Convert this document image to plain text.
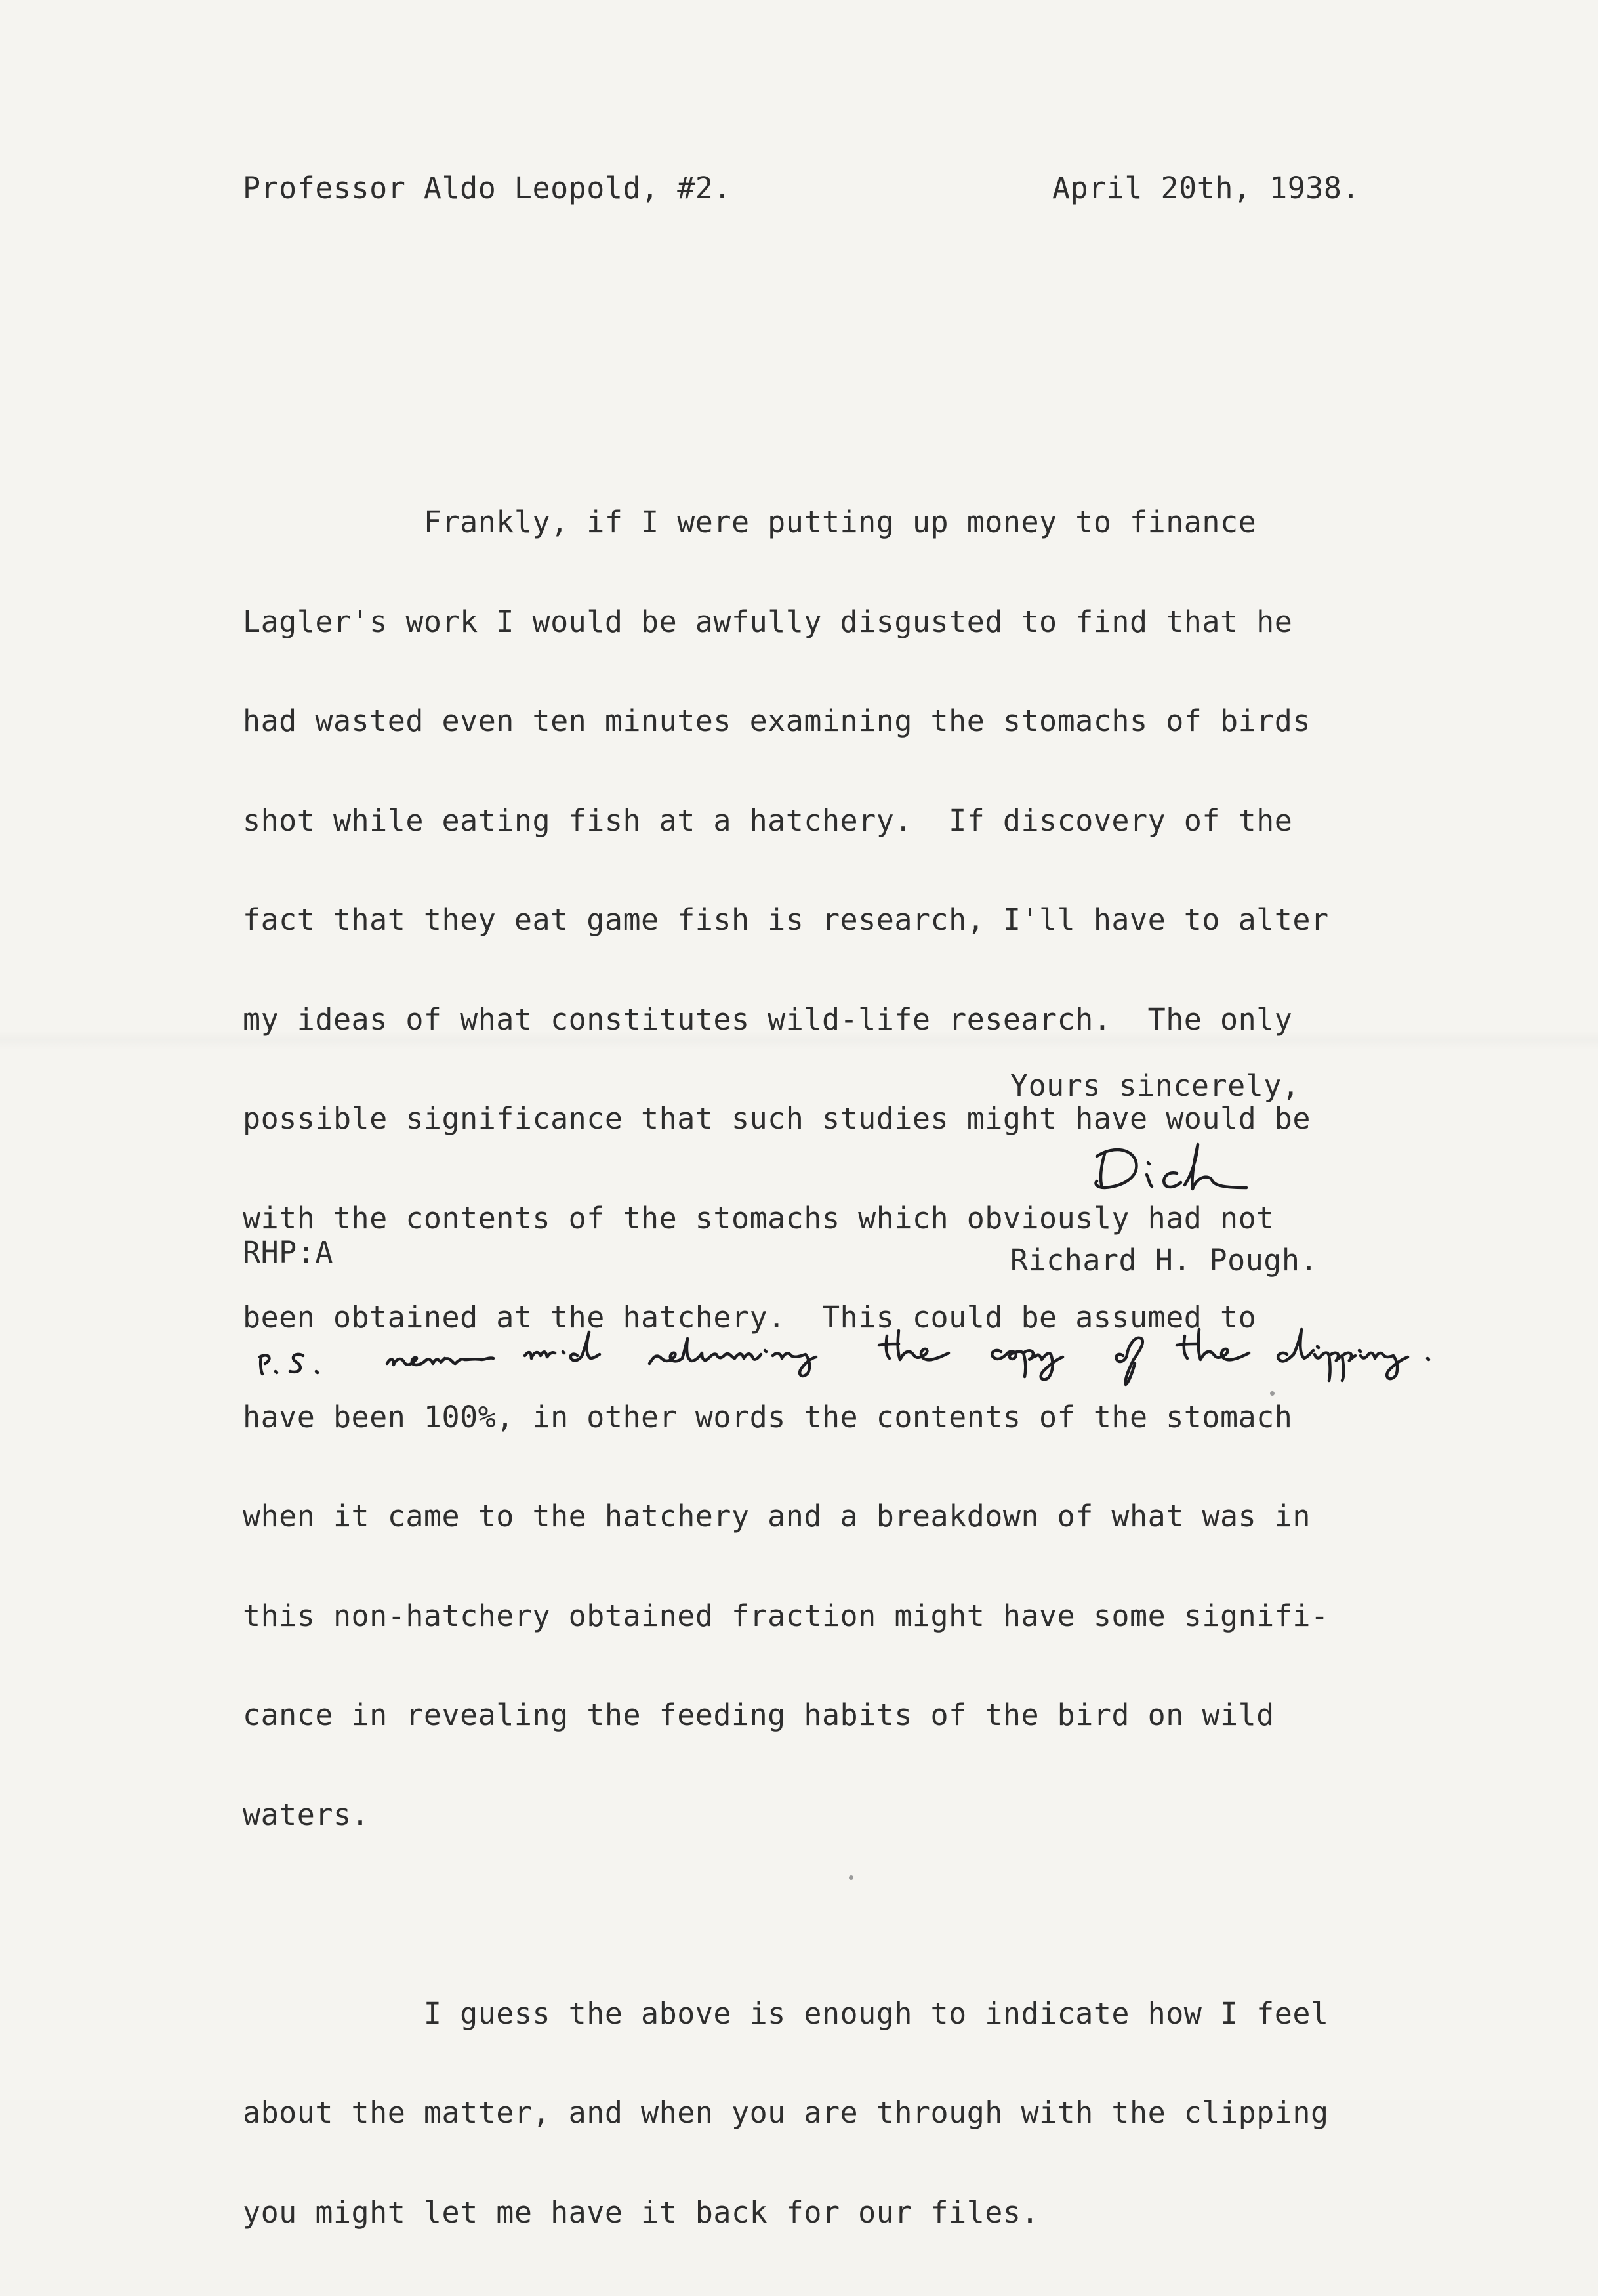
Professor Aldo Leopold, #2.	April 20th, 1938.

Frankly, if I were putting up money to finance

Lagler's work I would be awfully disgusted to find that he

had wasted even ten minutes examining the stomachs of birds

shot while eating fish at a hatchery.  If discovery of the

fact that they eat game fish is research, I'll have to alter

my ideas of what constitutes wild-life research.  The only

possible significance that such studies might have would be

with the contents of the stomachs which obviously had not

been obtained at the hatchery.  This could be assumed to

have been 100%, in other words the contents of the stomach

when it came to the hatchery and a breakdown of what was in

this non-hatchery obtained fraction might have some signifi-

cance in revealing the feeding habits of the bird on wild

waters.

I guess the above is enough to indicate how I feel

about the matter, and when you are through with the clipping

you might let me have it back for our files.

Yours sincerely,
RHP:A	Richard H. Pough.
